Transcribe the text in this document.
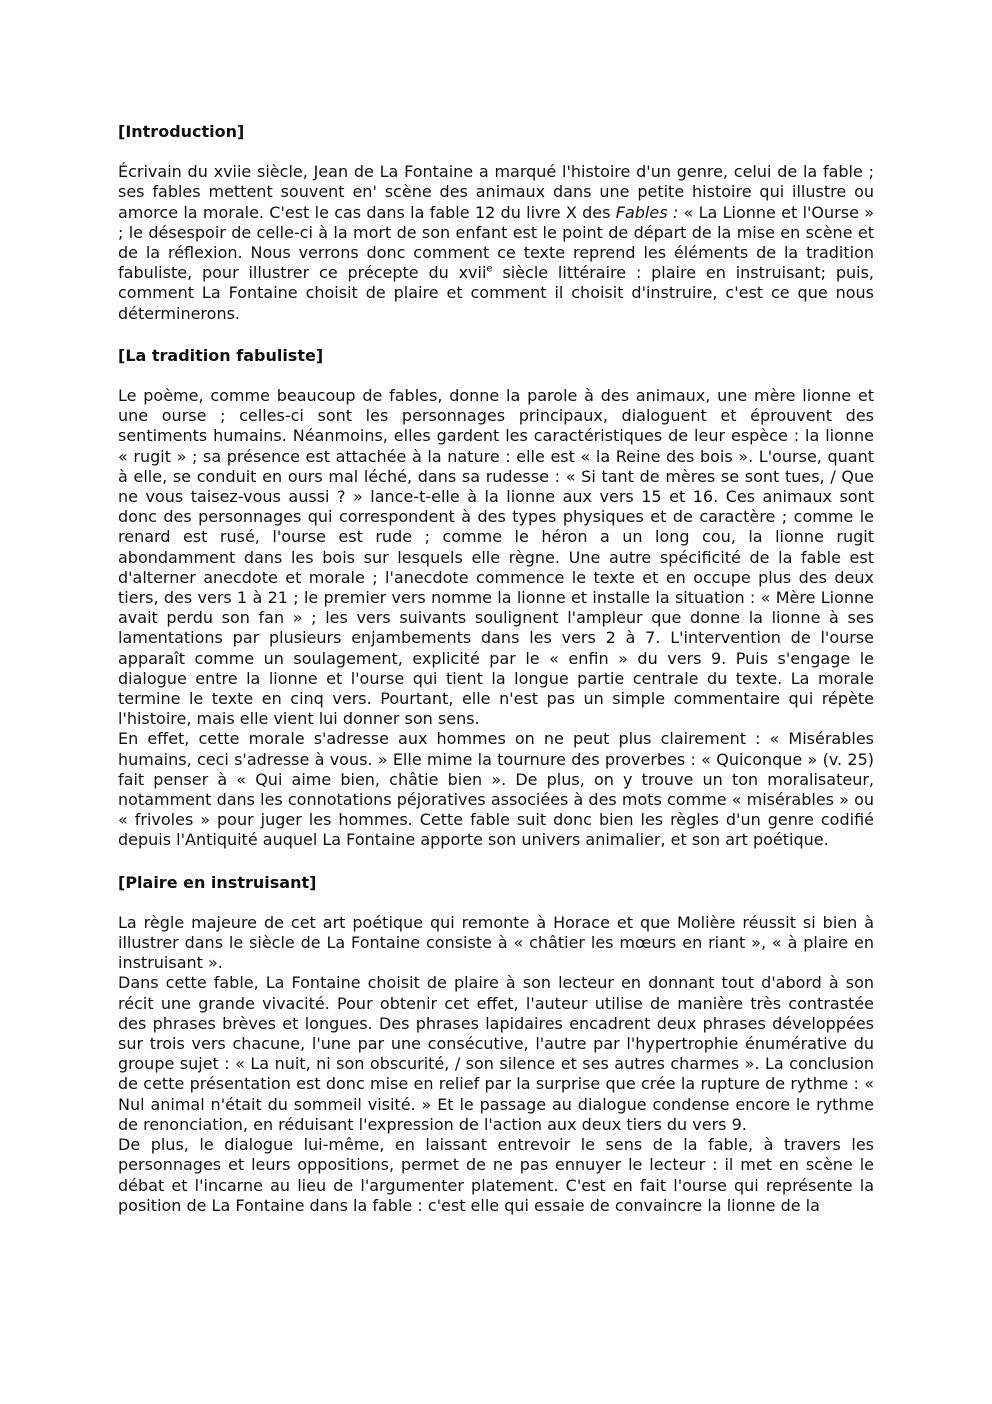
[Introduction]

Écrivain du xviie siècle, Jean de La Fontaine a marqué l'histoire d'un genre, celui de la fable ; ses fables mettent souvent en' scène des animaux dans une petite histoire qui illustre ou amorce la morale. C'est le cas dans la fable 12 du livre X des Fables : « La Lionne et l'Ourse » ; le désespoir de celle-ci à la mort de son enfant est le point de départ de la mise en scène et de la réflexion. Nous verrons donc comment ce texte reprend les éléments de la tradition fabuliste, pour illustrer ce précepte du xvii$^e$ siècle littéraire : plaire en instruisant; puis, comment La Fontaine choisit de plaire et comment il choisit d'instruire, c'est ce que nous déterminerons.

[La tradition fabuliste]

Le poème, comme beaucoup de fables, donne la parole à des animaux, une mère lionne et une ourse ; celles-ci sont les personnages principaux, dialoguent et éprouvent des sentiments humains. Néanmoins, elles gardent les caractéristiques de leur espèce : la lionne « rugit » ; sa présence est attachée à la nature : elle est « la Reine des bois ». L'ourse, quant à elle, se conduit en ours mal léché, dans sa rudesse : « Si tant de mères se sont tues, / Que ne vous taisez-vous aussi ? » lance-t-elle à la lionne aux vers 15 et 16. Ces animaux sont donc des personnages qui correspondent à des types physiques et de caractère ; comme le renard est rusé, l'ourse est rude ; comme le héron a un long cou, la lionne rugit abondamment dans les bois sur lesquels elle règne. Une autre spécificité de la fable est d'alterner anecdote et morale ; l'anecdote commence le texte et en occupe plus des deux tiers, des vers 1 à 21 ; le premier vers nomme la lionne et installe la situation : « Mère Lionne avait perdu son fan » ; les vers suivants soulignent l'ampleur que donne la lionne à ses lamentations par plusieurs enjambements dans les vers 2 à 7. L'intervention de l'ourse apparaît comme un soulagement, explicité par le « enfin » du vers 9. Puis s'engage le dialogue entre la lionne et l'ourse qui tient la longue partie centrale du texte. La morale termine le texte en cinq vers. Pourtant, elle n'est pas un simple commentaire qui répète l'histoire, mais elle vient lui donner son sens.

En effet, cette morale s'adresse aux hommes on ne peut plus clairement : « Misérables humains, ceci s'adresse à vous. » Elle mime la tournure des proverbes : « Quiconque » (v. 25) fait penser à « Qui aime bien, châtie bien ». De plus, on y trouve un ton moralisateur, notamment dans les connotations péjoratives associées à des mots comme « misérables » ou « frivoles » pour juger les hommes. Cette fable suit donc bien les règles d'un genre codifié depuis l'Antiquité auquel La Fontaine apporte son univers animalier, et son art poétique.

[Plaire en instruisant]

La règle majeure de cet art poétique qui remonte à Horace et que Molière réussit si bien à illustrer dans le siècle de La Fontaine consiste à « châtier les mœurs en riant », « à plaire en instruisant ».

Dans cette fable, La Fontaine choisit de plaire à son lecteur en donnant tout d'abord à son récit une grande vivacité. Pour obtenir cet effet, l'auteur utilise de manière très contrastée des phrases brèves et longues. Des phrases lapidaires encadrent deux phrases développées sur trois vers chacune, l'une par une consécutive, l'autre par l'hypertrophie énumérative du groupe sujet : « La nuit, ni son obscurité, / son silence et ses autres charmes ». La conclusion de cette présentation est donc mise en relief par la surprise que crée la rupture de rythme : « Nul animal n'était du sommeil visité. » Et le passage au dialogue condense encore le rythme de renonciation, en réduisant l'expression de l'action aux deux tiers du vers 9.

De plus, le dialogue lui-même, en laissant entrevoir le sens de la fable, à travers les personnages et leurs oppositions, permet de ne pas ennuyer le lecteur : il met en scène le débat et l'incarne au lieu de l'argumenter platement. C'est en fait l'ourse qui représente la position de La Fontaine dans la fable : c'est elle qui essaie de convaincre la lionne de la
